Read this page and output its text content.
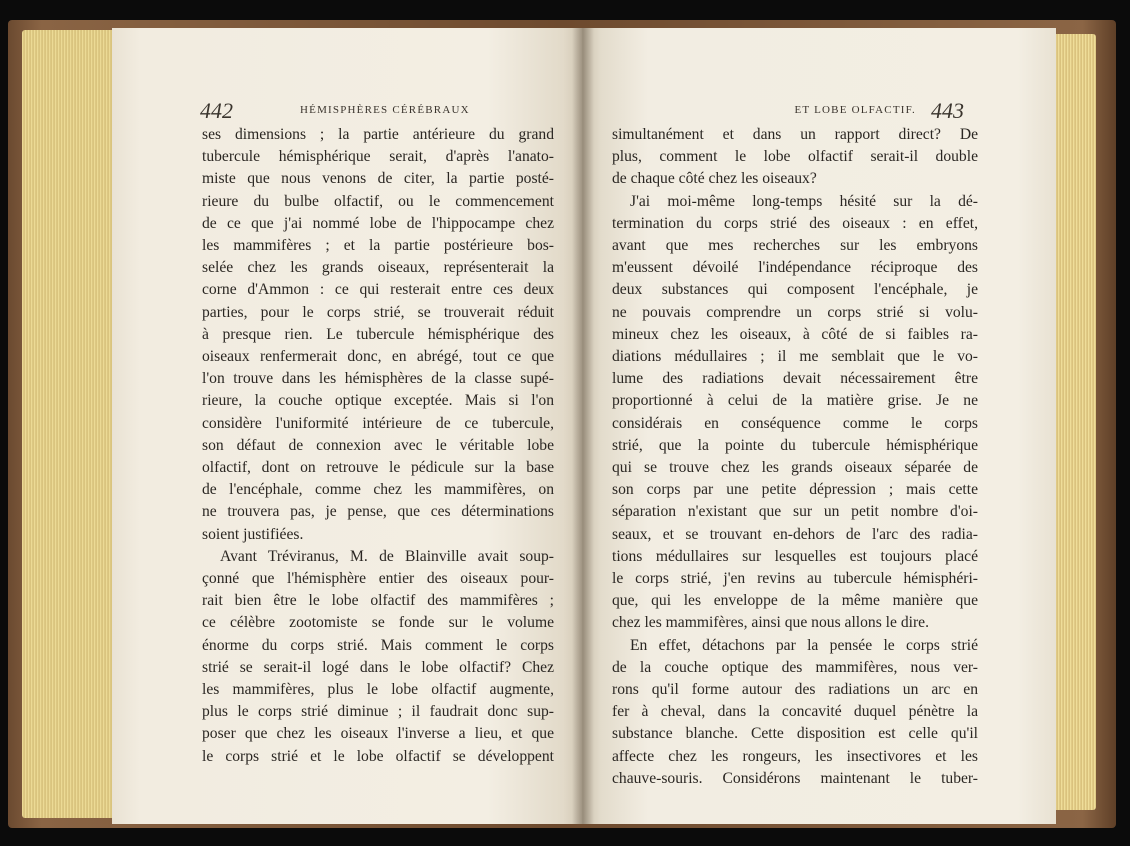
442	HÉMISPHÈRES CÉRÉBRAUX
ses dimensions ; la partie antérieure du grand
tubercule hémisphérique serait, d'après l'anato-
miste que nous venons de citer, la partie posté-
rieure du bulbe olfactif, ou le commencement
de ce que j'ai nommé lobe de l'hippocampe chez
les mammifères ; et la partie postérieure bos-
selée chez les grands oiseaux, représenterait la
corne d'Ammon : ce qui resterait entre ces deux
parties, pour le corps strié, se trouverait réduit
à presque rien. Le tubercule hémisphérique des
oiseaux renfermerait donc, en abrégé, tout ce que
l'on trouve dans les hémisphères de la classe supé-
rieure, la couche optique exceptée. Mais si l'on
considère l'uniformité intérieure de ce tubercule,
son défaut de connexion avec le véritable lobe
olfactif, dont on retrouve le pédicule sur la base
de l'encéphale, comme chez les mammifères, on
ne trouvera pas, je pense, que ces déterminations
soient justifiées.
Avant Tréviranus, M. de Blainville avait soup-
çonné que l'hémisphère entier des oiseaux pour-
rait bien être le lobe olfactif des mammifères ;
ce célèbre zootomiste se fonde sur le volume
énorme du corps strié. Mais comment le corps
strié se serait-il logé dans le lobe olfactif? Chez
les mammifères, plus le lobe olfactif augmente,
plus le corps strié diminue ; il faudrait donc sup-
poser que chez les oiseaux l'inverse a lieu, et que
le corps strié et le lobe olfactif se développent
ET LOBE OLFACTIF. 443
simultanément et dans un rapport direct? De
plus, comment le lobe olfactif serait-il double
de chaque côté chez les oiseaux?
J'ai moi-même long-temps hésité sur la dé-
termination du corps strié des oiseaux : en effet,
avant que mes recherches sur les embryons
m'eussent dévoilé l'indépendance réciproque des
deux substances qui composent l'encéphale, je
ne pouvais comprendre un corps strié si volu-
mineux chez les oiseaux, à côté de si faibles ra-
diations médullaires ; il me semblait que le vo-
lume des radiations devait nécessairement être
proportionné à celui de la matière grise. Je ne
considérais en conséquence comme le corps
strié, que la pointe du tubercule hémisphérique
qui se trouve chez les grands oiseaux séparée de
son corps par une petite dépression ; mais cette
séparation n'existant que sur un petit nombre d'oi-
seaux, et se trouvant en-dehors de l'arc des radia-
tions médullaires sur lesquelles est toujours placé
le corps strié, j'en revins au tubercule hémisphéri-
que, qui les enveloppe de la même manière que
chez les mammifères, ainsi que nous allons le dire.
En effet, détachons par la pensée le corps strié
de la couche optique des mammifères, nous ver-
rons qu'il forme autour des radiations un arc en
fer à cheval, dans la concavité duquel pénètre la
substance blanche. Cette disposition est celle qu'il
affecte chez les rongeurs, les insectivores et les
chauve-souris. Considérons maintenant le tuber-
